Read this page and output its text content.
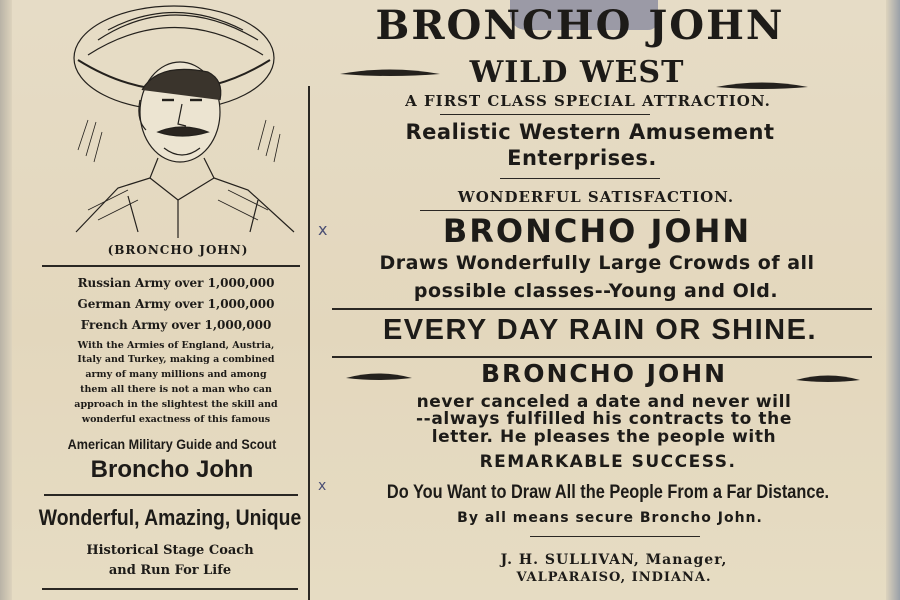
(BRONCHO JOHN)
Russian Army over 1,000,000
German Army over 1,000,000
French Army over 1,000,000
With the Armies of England, Austria,
Italy and Turkey, making a combined
army of many millions and among
them all there is not a man who can
approach in the slightest the skill and
wonderful exactness of this famous
American Military Guide and Scout
Broncho John
Wonderful, Amazing, Unique
Historical Stage Coach
and Run For Life
BRONCHO JOHN
WILD WEST
A FIRST CLASS SPECIAL ATTRACTION.
Realistic Western Amusement
Enterprises.
WONDERFUL SATISFACTION.
x	BRONCHO JOHN
Draws Wonderfully Large Crowds of all
possible classes--Young and Old.
EVERY DAY RAIN OR SHINE.
BRONCHO JOHN
never canceled a date and never will
--always fulfilled his contracts to the
letter. He pleases the people with
REMARKABLE SUCCESS.
x	Do You Want to Draw All the People From a Far Distance.
By all means secure Broncho John.
J. H. SULLIVAN, Manager,
VALPARAISO, INDIANA.
